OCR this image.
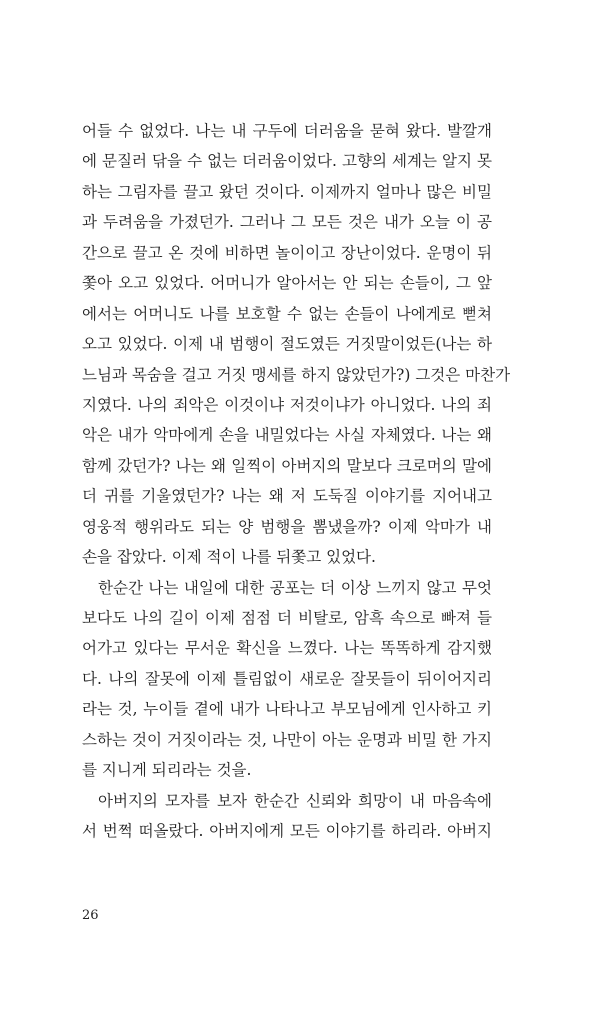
어들 수 없었다. 나는 내 구두에 더러움을 묻혀 왔다. 발깔개
에 문질러 닦을 수 없는 더러움이었다. 고향의 세계는 알지 못
하는 그림자를 끌고 왔던 것이다. 이제까지 얼마나 많은 비밀
과 두려움을 가졌던가. 그러나 그 모든 것은 내가 오늘 이 공
간으로 끌고 온 것에 비하면 놀이이고 장난이었다. 운명이 뒤
쫓아 오고 있었다. 어머니가 알아서는 안 되는 손들이, 그 앞
에서는 어머니도 나를 보호할 수 없는 손들이 나에게로 뻗쳐
오고 있었다. 이제 내 범행이 절도였든 거짓말이었든(나는 하
느님과 목숨을 걸고 거짓 맹세를 하지 않았던가?) 그것은 마찬가
지였다. 나의 죄악은 이것이냐 저것이냐가 아니었다. 나의 죄
악은 내가 악마에게 손을 내밀었다는 사실 자체였다. 나는 왜
함께 갔던가? 나는 왜 일찍이 아버지의 말보다 크로머의 말에
더 귀를 기울였던가? 나는 왜 저 도둑질 이야기를 지어내고
영웅적 행위라도 되는 양 범행을 뽐냈을까? 이제 악마가 내
손을 잡았다. 이제 적이 나를 뒤쫓고 있었다.
한순간 나는 내일에 대한 공포는 더 이상 느끼지 않고 무엇
보다도 나의 길이 이제 점점 더 비탈로, 암흑 속으로 빠져 들
어가고 있다는 무서운 확신을 느꼈다. 나는 똑똑하게 감지했
다. 나의 잘못에 이제 틀림없이 새로운 잘못들이 뒤이어지리
라는 것, 누이들 곁에 내가 나타나고 부모님에게 인사하고 키
스하는 것이 거짓이라는 것, 나만이 아는 운명과 비밀 한 가지
를 지니게 되리라는 것을.
아버지의 모자를 보자 한순간 신뢰와 희망이 내 마음속에
서 번쩍 떠올랐다. 아버지에게 모든 이야기를 하리라. 아버지
26
